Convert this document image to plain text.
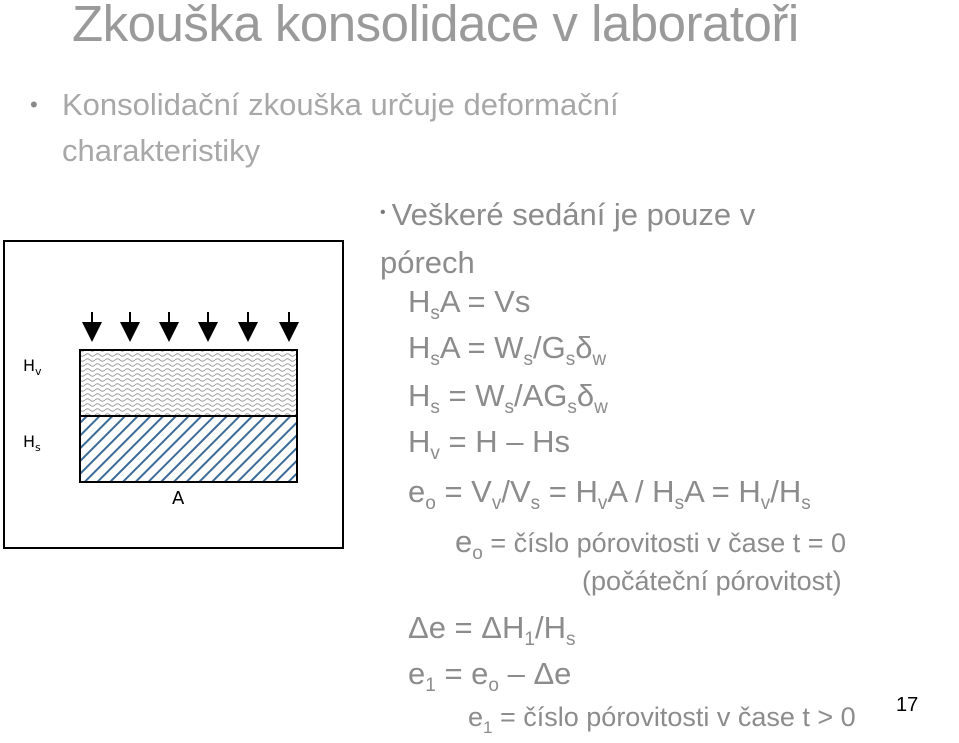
Zkouška konsolidace v laboratoři
• Konsolidační zkouška určuje deformační
charakteristiky
• Veškeré sedání je pouze v
pórech
$H_sA = Vs$
$H_sA = W_s/G_s\delta_w$
$H_s = W_s/AG_s\delta_w$
$H_v = H - Hs$
$e_o = V_v/V_s = H_vA / H_sA = H_v/H_s$
$e_o$ = číslo pórovitosti v čase t = 0
(počáteční pórovitost)
$\Delta e = \Delta H_1/H_s$
$e_1 = e_o - \Delta e$
$e_1$ = číslo pórovitosti v čase t > 0 17
$H_v$
$H_s$
A
